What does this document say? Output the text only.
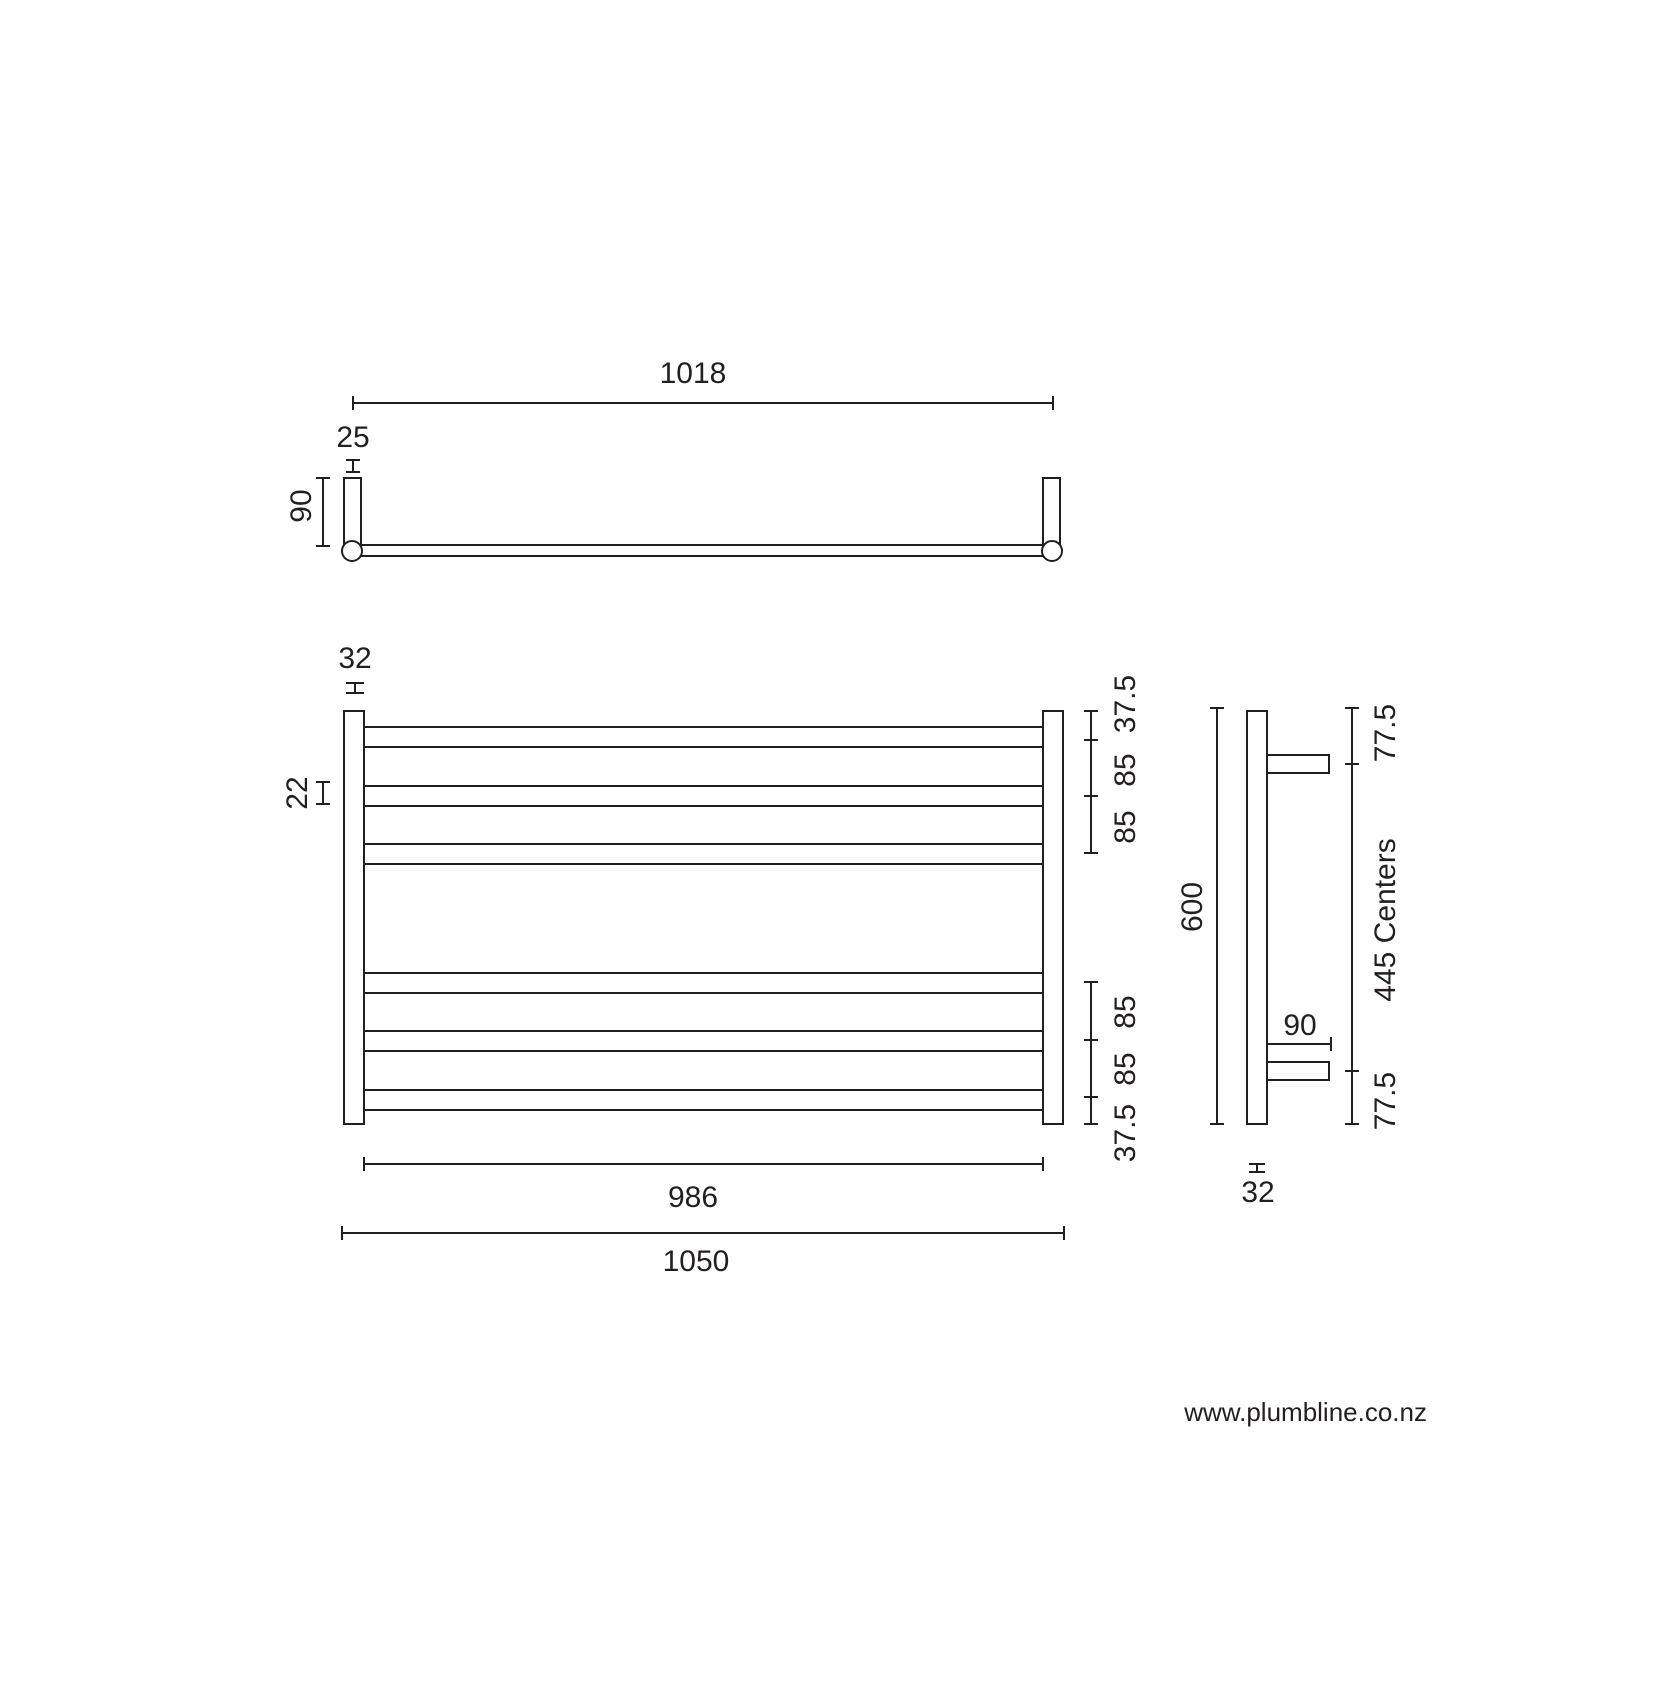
1018
25
90
32
22
37.5
85
85
85
85
37.5
986
1050
600
90
77.5
445 Centers
77.5
32
www.plumbline.co.nz
